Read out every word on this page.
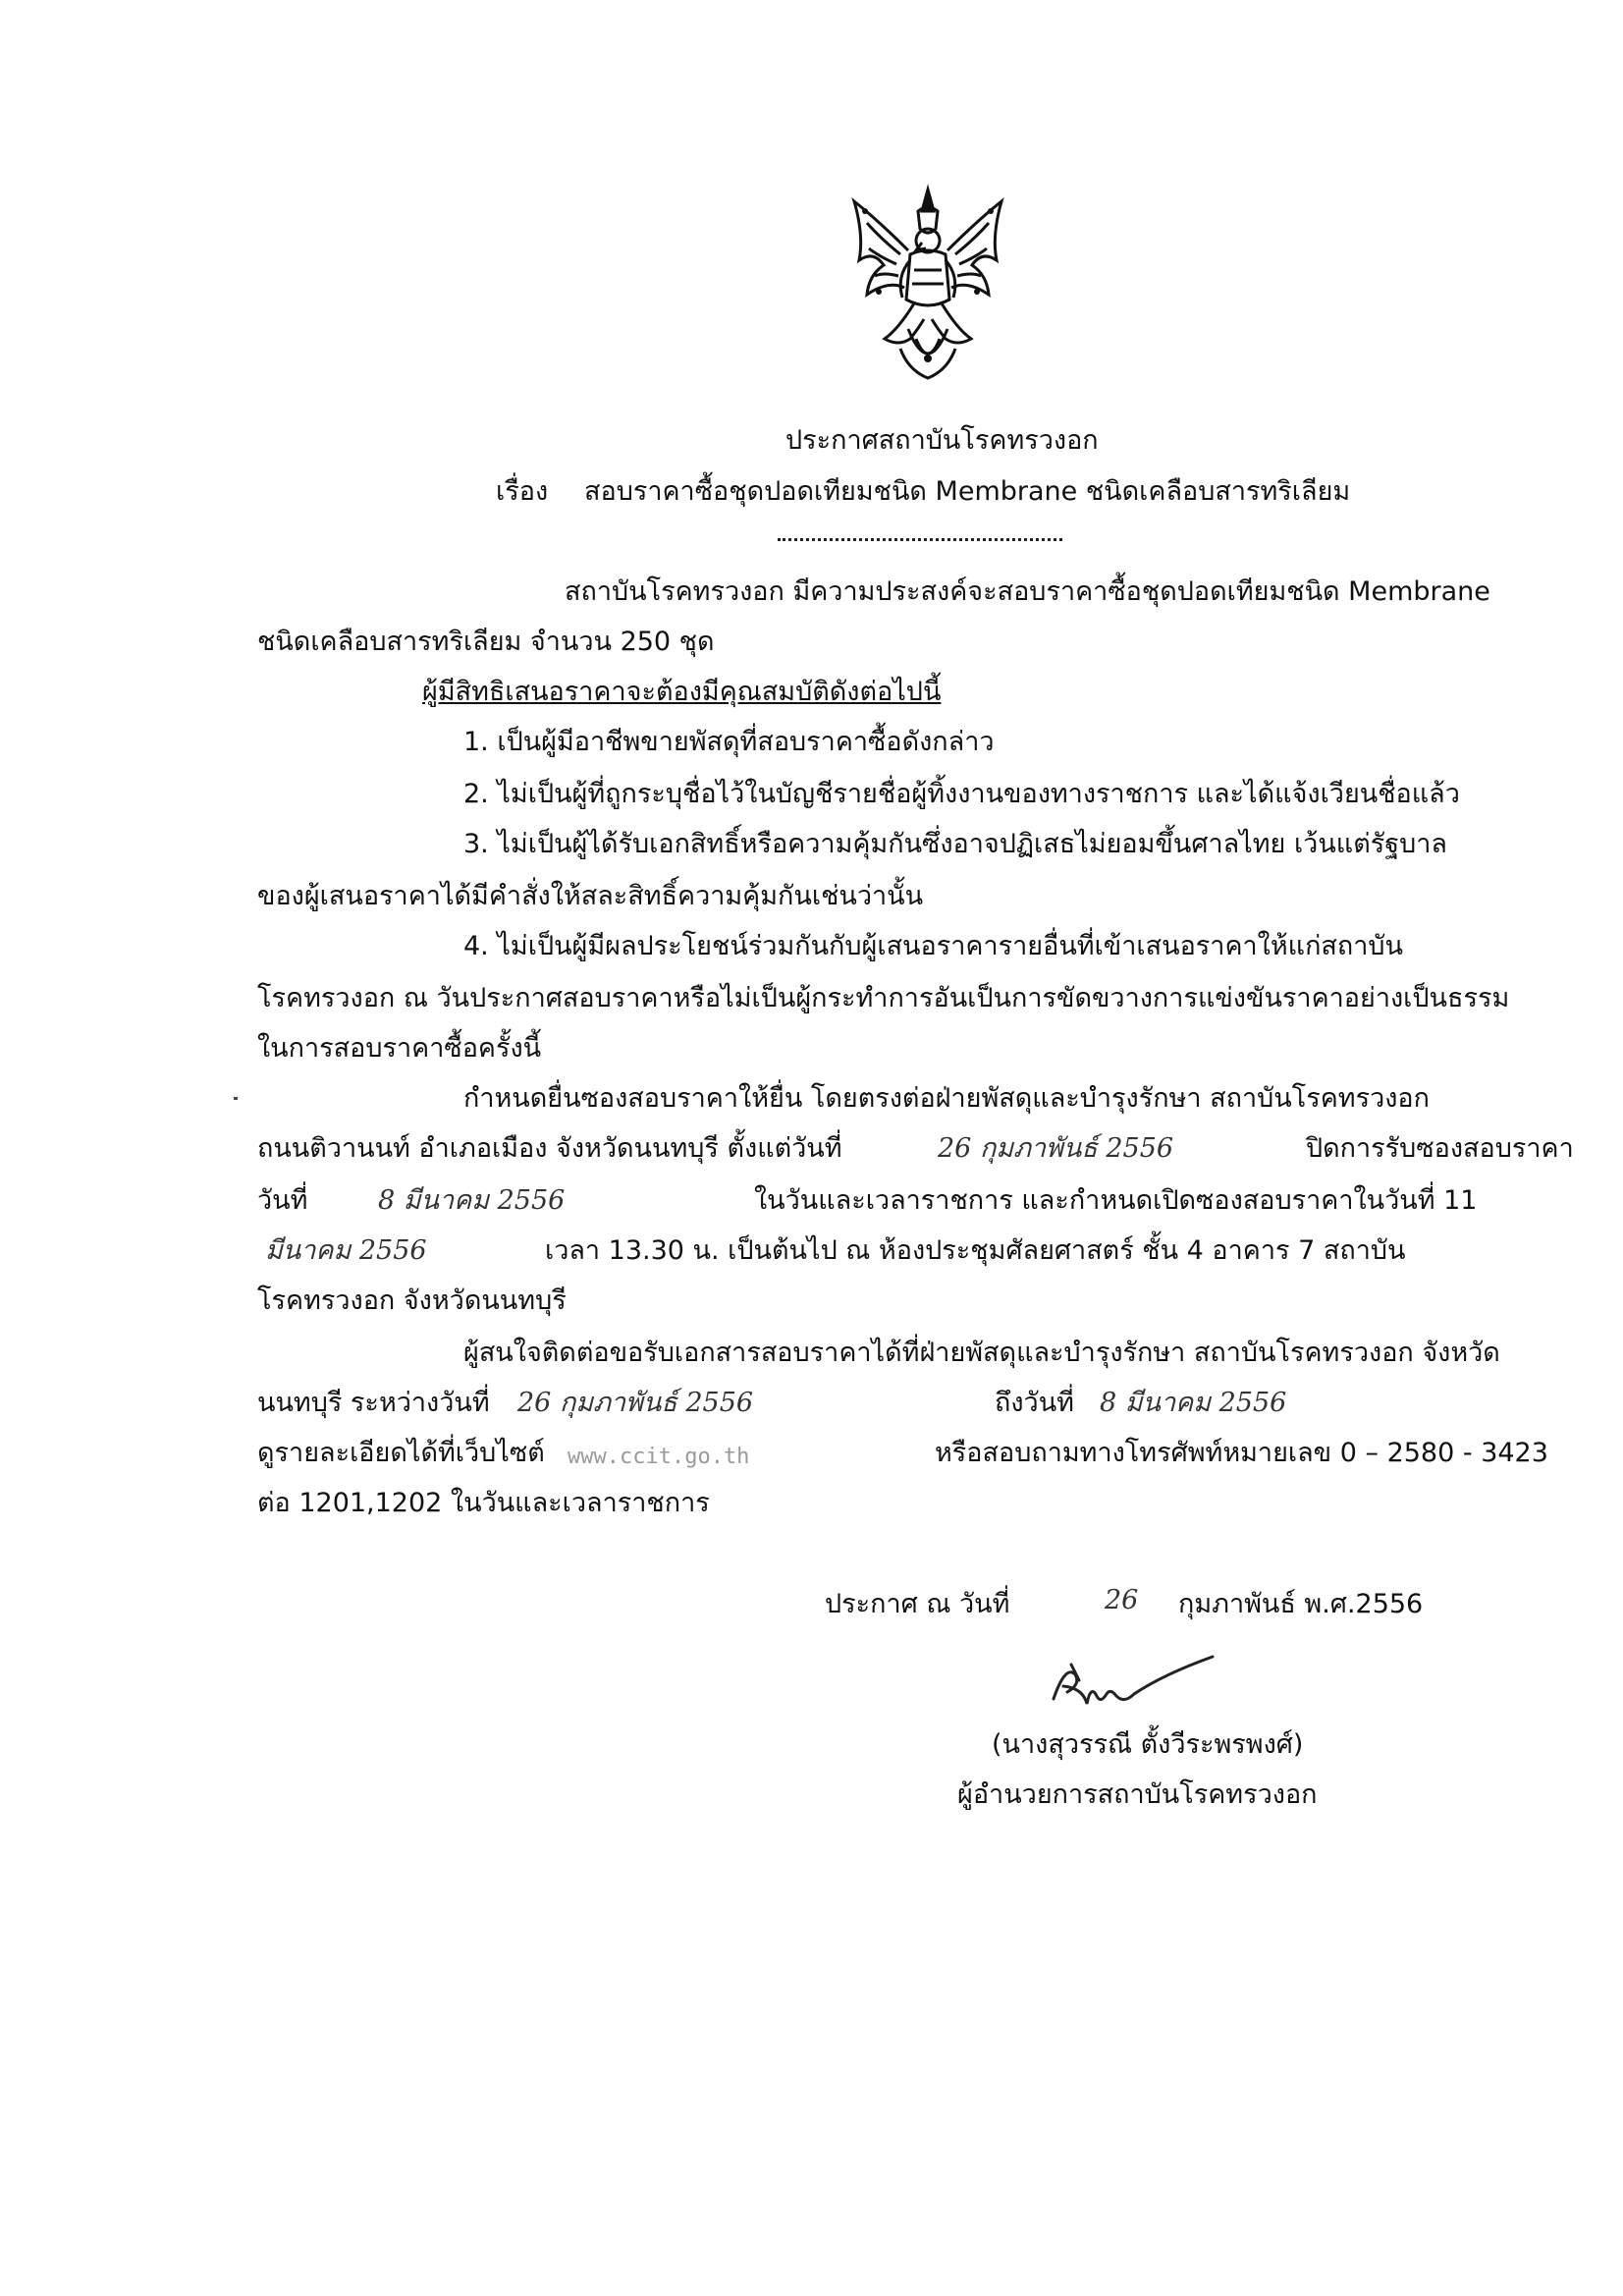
ประกาศสถาบันโรคทรวงอก
เรื่อง สอบราคาซื้อชุดปอดเทียมชนิด Membrane ชนิดเคลือบสารทริเลียม
สถาบันโรคทรวงอก มีความประสงค์จะสอบราคาซื้อชุดปอดเทียมชนิด Membrane
ชนิดเคลือบสารทริเลียม จำนวน 250 ชุด
ผู้มีสิทธิเสนอราคาจะต้องมีคุณสมบัติดังต่อไปนี้
1. เป็นผู้มีอาชีพขายพัสดุที่สอบราคาซื้อดังกล่าว
2. ไม่เป็นผู้ที่ถูกระบุชื่อไว้ในบัญชีรายชื่อผู้ทิ้งงานของทางราชการ และได้แจ้งเวียนชื่อแล้ว
3. ไม่เป็นผู้ได้รับเอกสิทธิ์หรือความคุ้มกันซึ่งอาจปฏิเสธไม่ยอมขึ้นศาลไทย เว้นแต่รัฐบาล
ของผู้เสนอราคาได้มีคำสั่งให้สละสิทธิ์ความคุ้มกันเช่นว่านั้น
4. ไม่เป็นผู้มีผลประโยชน์ร่วมกันกับผู้เสนอราคารายอื่นที่เข้าเสนอราคาให้แก่สถาบัน
โรคทรวงอก ณ วันประกาศสอบราคาหรือไม่เป็นผู้กระทำการอันเป็นการขัดขวางการแข่งขันราคาอย่างเป็นธรรม
ในการสอบราคาซื้อครั้งนี้
กำหนดยื่นซองสอบราคาให้ยื่น โดยตรงต่อฝ่ายพัสดุและบำรุงรักษา สถาบันโรคทรวงอก
ถนนติวานนท์ อำเภอเมือง จังหวัดนนทบุรี ตั้งแต่วันที่	26 กุมภาพันธ์ 2556	ปิดการรับซองสอบราคา
วันที่	8 มีนาคม 2556	ในวันและเวลาราชการ และกำหนดเปิดซองสอบราคาในวันที่ 11
มีนาคม 2556	เวลา 13.30 น. เป็นต้นไป ณ ห้องประชุมศัลยศาสตร์ ชั้น 4 อาคาร 7 สถาบัน
โรคทรวงอก จังหวัดนนทบุรี
ผู้สนใจติดต่อขอรับเอกสารสอบราคาได้ที่ฝ่ายพัสดุและบำรุงรักษา สถาบันโรคทรวงอก จังหวัด
นนทบุรี ระหว่างวันที่ 26 กุมภาพันธ์ 2556	ถึงวันที่ 8 มีนาคม 2556
ดูรายละเอียดได้ที่เว็บไซต์ www.ccit.go.th	หรือสอบถามทางโทรศัพท์หมายเลข 0 – 2580 - 3423
ต่อ 1201,1202 ในวันและเวลาราชการ
ประกาศ ณ วันที่	26 กุมภาพันธ์ พ.ศ.2556
(นางสุวรรณี ตั้งวีระพรพงศ์)
ผู้อำนวยการสถาบันโรคทรวงอก
